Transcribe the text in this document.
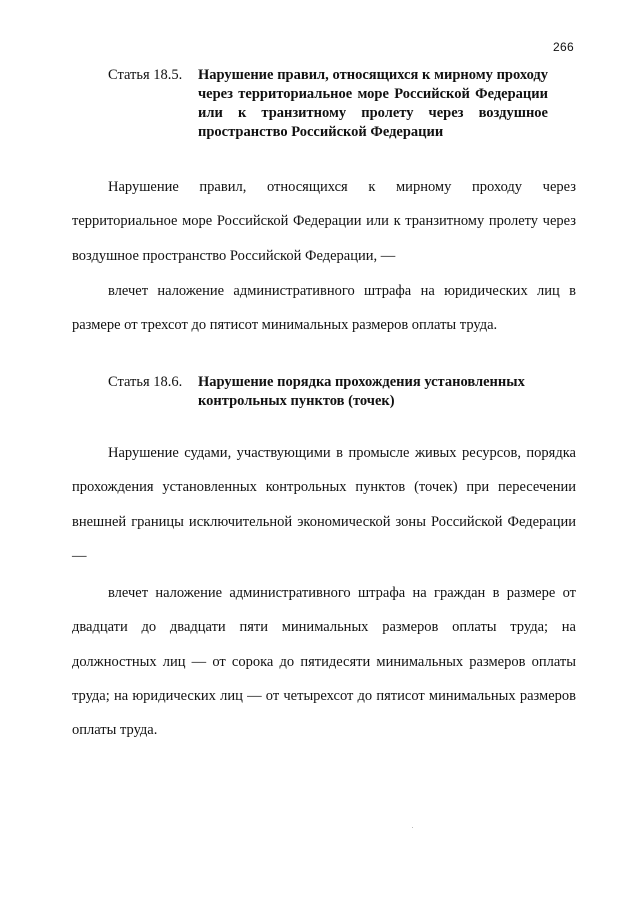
266
Статья 18.5.	Нарушение правил, относящихся к мирному проходу через территориальное море Российской Федерации или к транзитному пролету через воздушное пространство Российской Федерации

Нарушение правил, относящихся к мирному проходу через территориальное море Российской Федерации или к транзитному пролету через воздушное пространство Российской Федерации, —

влечет наложение административного штрафа на юридических лиц в размере от трехсот до пятисот минимальных размеров оплаты труда.

Статья 18.6.	Нарушение порядка прохождения установленных контрольных пунктов (точек)

Нарушение судами, участвующими в промысле живых ресурсов, порядка прохождения установленных контрольных пунктов (точек) при пересечении внешней границы исключительной экономической зоны Российской Федерации —

влечет наложение административного штрафа на граждан в размере от двадцати до двадцати пяти минимальных размеров оплаты труда; на должностных лиц — от сорока до пятидесяти минимальных размеров оплаты труда; на юридических лиц — от четырехсот до пятисот минимальных размеров оплаты труда.
